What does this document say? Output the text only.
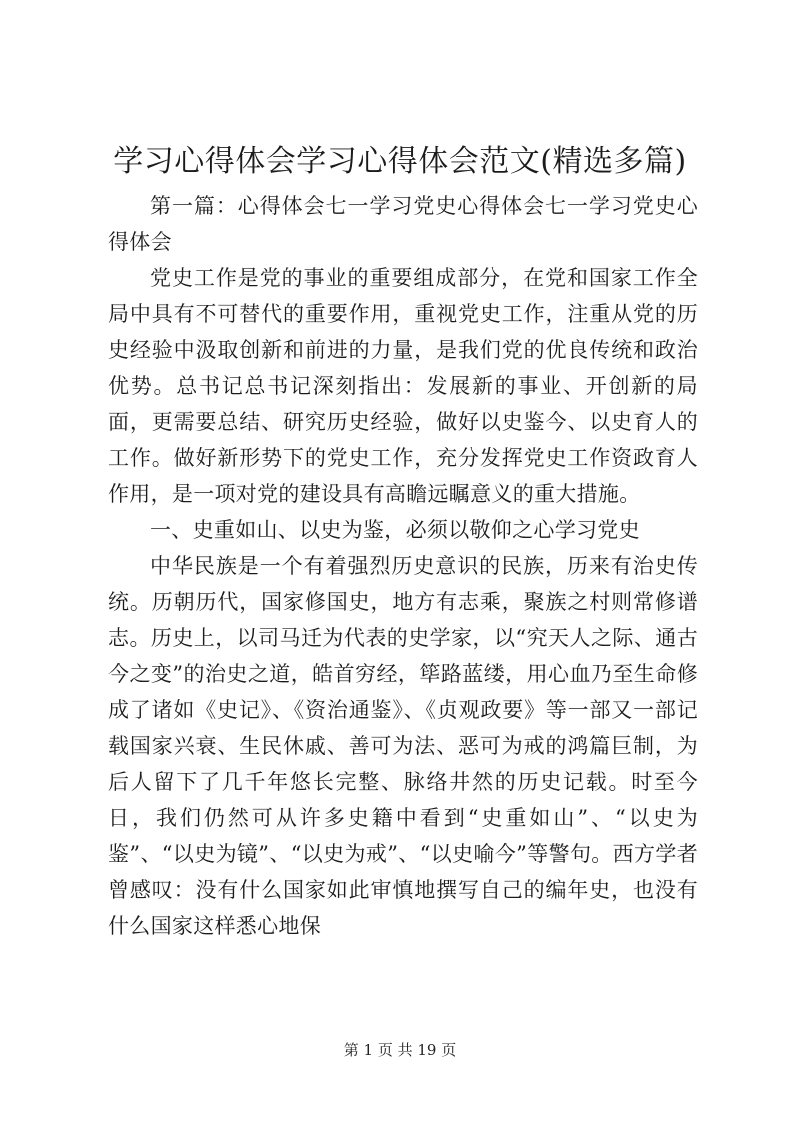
学习心得体会学习心得体会范文(精选多篇)

第一篇：心得体会七一学习党史心得体会七一学习党史心得体会

党史工作是党的事业的重要组成部分，在党和国家工作全局中具有不可替代的重要作用，重视党史工作，注重从党的历史经验中汲取创新和前进的力量，是我们党的优良传统和政治优势。总书记总书记深刻指出：发展新的事业、开创新的局面，更需要总结、研究历史经验，做好以史鉴今、以史育人的工作。做好新形势下的党史工作，充分发挥党史工作资政育人作用，是一项对党的建设具有高瞻远瞩意义的重大措施。

一、史重如山、以史为鉴，必须以敬仰之心学习党史

中华民族是一个有着强烈历史意识的民族，历来有治史传统。历朝历代，国家修国史，地方有志乘，聚族之村则常修谱志。历史上，以司马迁为代表的史学家，以“究天人之际、通古今之变”的治史之道，皓首穷经，筚路蓝缕，用心血乃至生命修成了诸如《史记》、《资治通鉴》、《贞观政要》等一部又一部记载国家兴衰、生民休戚、善可为法、恶可为戒的鸿篇巨制，为后人留下了几千年悠长完整、脉络井然的历史记载。时至今日，我们仍然可从许多史籍中看到“史重如山”、“以史为鉴”、“以史为镜”、“以史为戒”、“以史喻今”等警句。西方学者曾感叹：没有什么国家如此审慎地撰写自己的编年史，也没有什么国家这样悉心地保

第 1 页 共 19 页
